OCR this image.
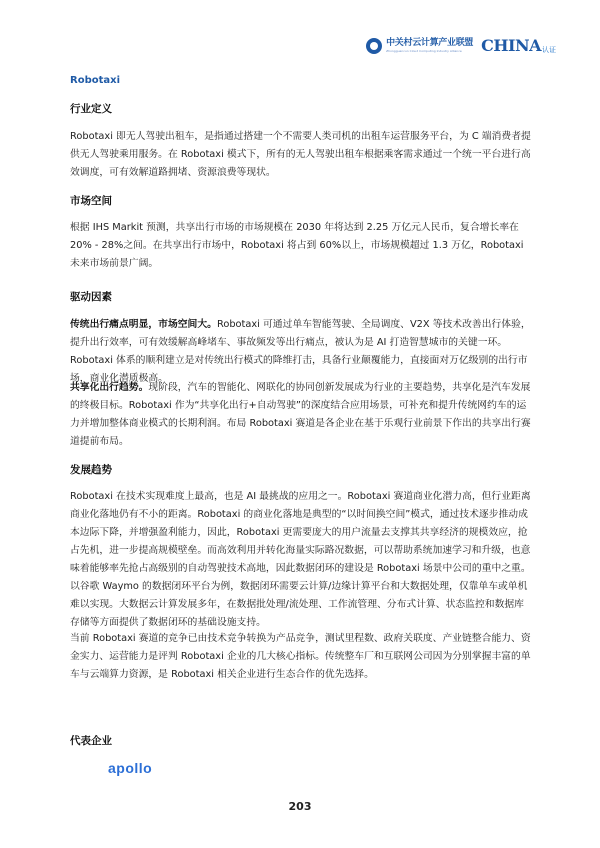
中关村云计算产业联盟
Zhongguancun Cloud Computing Industry Alliance	CHINA 认证
Robotaxi
行业定义
Robotaxi 即无人驾驶出租车，是指通过搭建一个不需要人类司机的出租车运营服务平台，为 C 端消费者提供无人驾驶乘用服务。在 Robotaxi 模式下，所有的无人驾驶出租车根据乘客需求通过一个统一平台进行高效调度，可有效解道路拥堵、资源浪费等现状。
市场空间
根据 IHS Markit 预测，共享出行市场的市场规模在 2030 年将达到 2.25 万亿元人民币，复合增长率在 20% - 28%之间。在共享出行市场中，Robotaxi 将占到 60%以上，市场规模超过 1.3 万亿，Robotaxi 未来市场前景广阔。
驱动因素
传统出行痛点明显，市场空间大。Robotaxi 可通过单车智能驾驶、全局调度、V2X 等技术改善出行体验，提升出行效率，可有效缓解高峰堵车、事故频发等出行痛点，被认为是 AI 打造智慧城市的关键一环。Robotaxi 体系的顺利建立是对传统出行模式的降维打击，具备行业颠覆能力，直接面对万亿级别的出行市场，商业化潜质极高。
共享化出行趋势。现阶段，汽车的智能化、网联化的协同创新发展成为行业的主要趋势，共享化是汽车发展的终极目标。Robotaxi 作为“共享化出行+自动驾驶”的深度结合应用场景，可补充和提升传统网约车的运力并增加整体商业模式的长期利润。布局 Robotaxi 赛道是各企业在基于乐观行业前景下作出的共享出行赛道提前布局。
发展趋势
Robotaxi 在技术实现难度上最高，也是 AI 最挑战的应用之一。Robotaxi 赛道商业化潜力高，但行业距离商业化落地仍有不小的距离。Robotaxi 的商业化落地是典型的“以时间换空间”模式，通过技术逐步推动成本边际下降，并增强盈利能力，因此，Robotaxi 更需要庞大的用户流量去支撑其共享经济的规模效应，抢占先机，进一步提高规模壁垒。而高效利用并转化海量实际路况数据，可以帮助系统加速学习和升级，也意味着能够率先抢占高级别的自动驾驶技术高地，因此数据闭环的建设是 Robotaxi 场景中公司的重中之重。以谷歌 Waymo 的数据闭环平台为例，数据闭环需要云计算/边缘计算平台和大数据处理，仅靠单车或单机难以实现。大数据云计算发展多年，在数据批处理/流处理、工作流管理、分布式计算、状态监控和数据库存储等方面提供了数据闭环的基础设施支持。
当前 Robotaxi 赛道的竞争已由技术竞争转换为产品竞争，测试里程数、政府关联度、产业链整合能力、资金实力、运营能力是评判 Robotaxi 企业的几大核心指标。传统整车厂和互联网公司因为分别掌握丰富的单车与云端算力资源，是 Robotaxi 相关企业进行生态合作的优先选择。
代表企业
apollo
203
